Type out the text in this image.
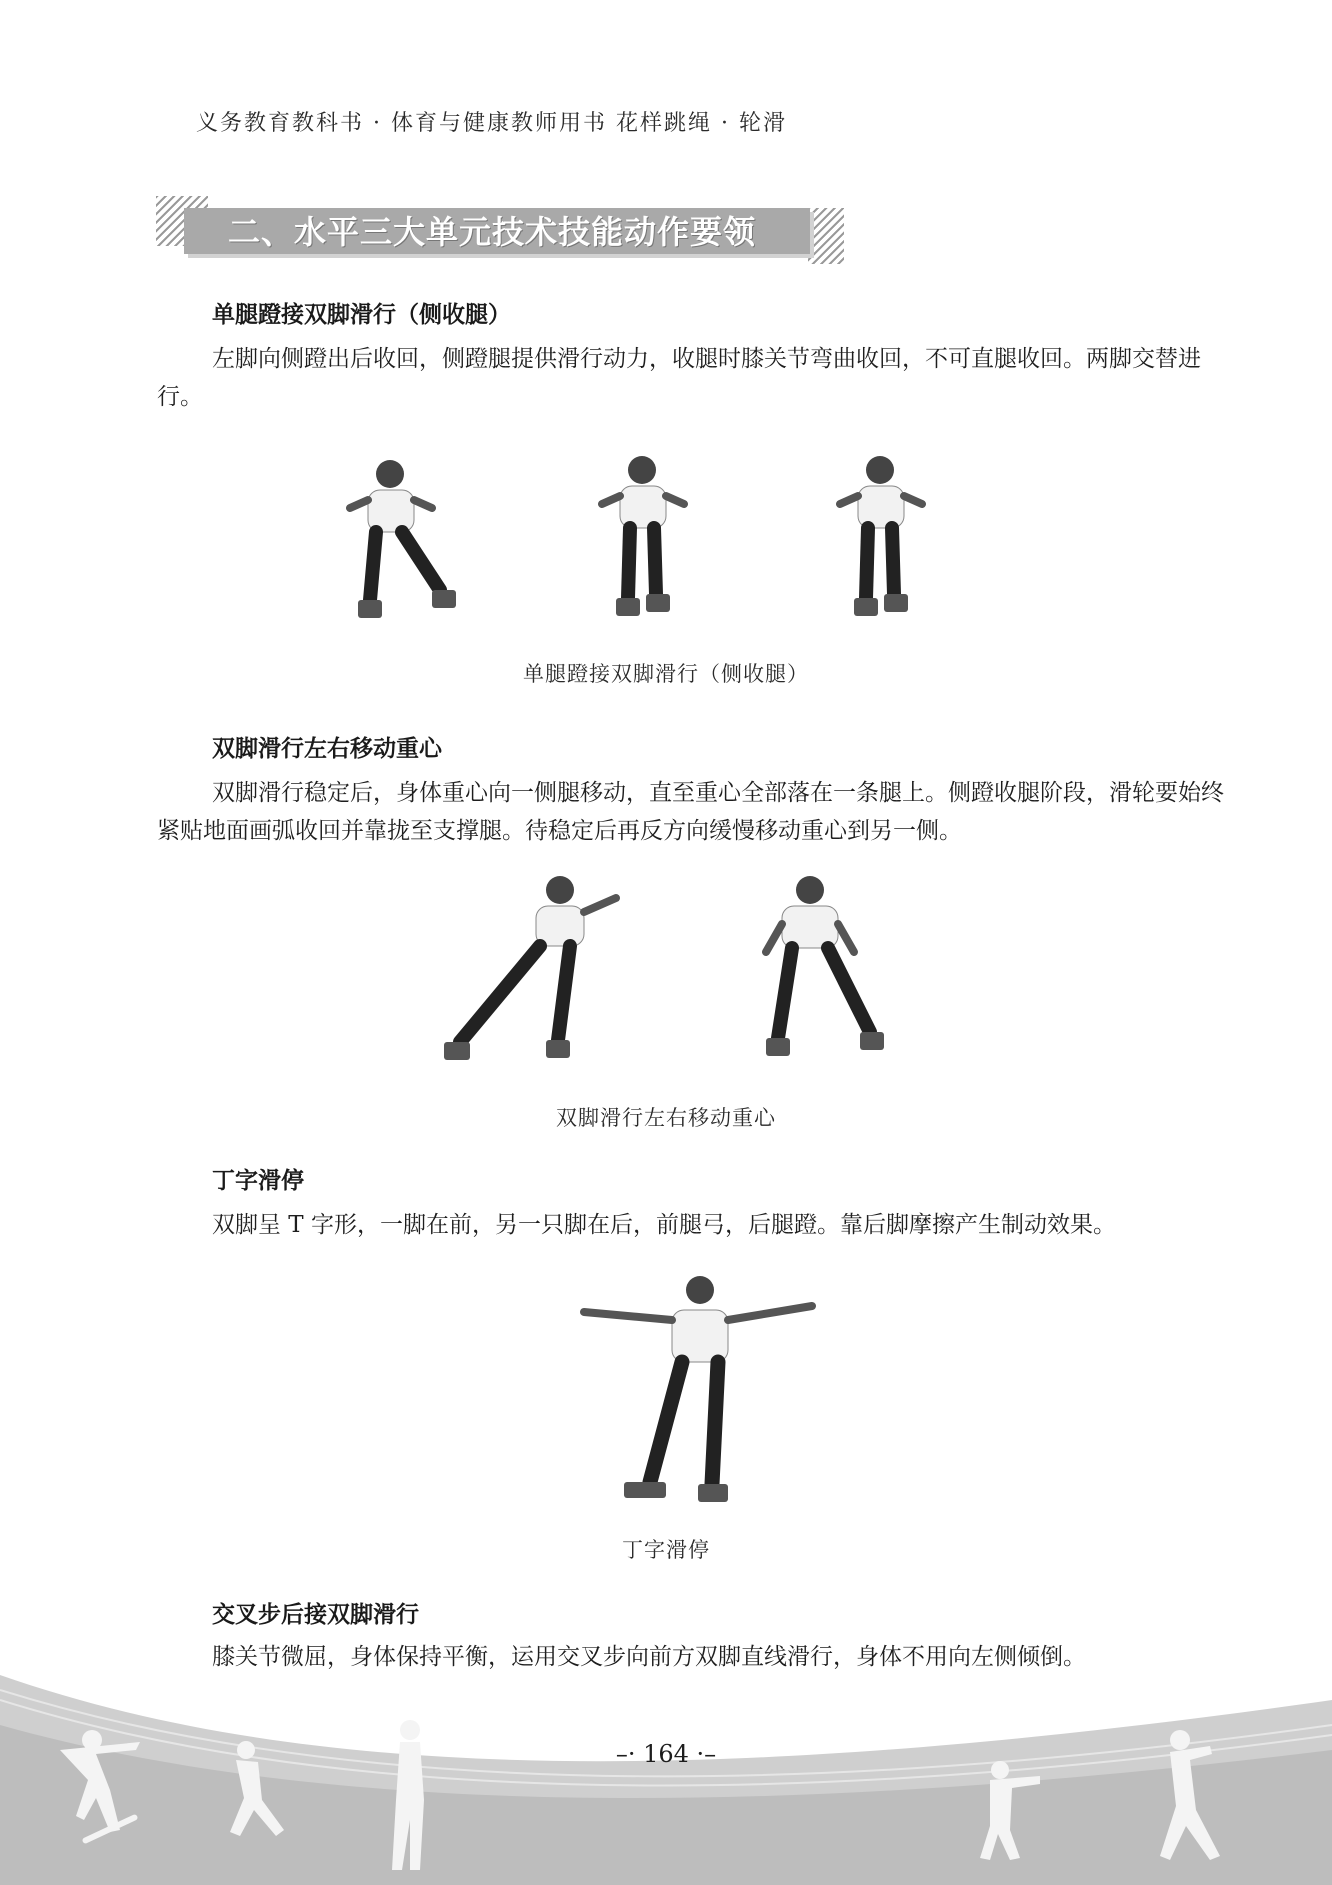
义务教育教科书 · 体育与健康教师用书 花样跳绳 · 轮滑
二、水平三大单元技术技能动作要领
单腿蹬接双脚滑行（侧收腿）
左脚向侧蹬出后收回，侧蹬腿提供滑行动力，收腿时膝关节弯曲收回，不可直腿收回。两脚交替进行。
单腿蹬接双脚滑行（侧收腿）
双脚滑行左右移动重心
双脚滑行稳定后，身体重心向一侧腿移动，直至重心全部落在一条腿上。侧蹬收腿阶段，滑轮要始终紧贴地面画弧收回并靠拢至支撑腿。待稳定后再反方向缓慢移动重心到另一侧。
双脚滑行左右移动重心
丁字滑停
双脚呈 T 字形，一脚在前，另一只脚在后，前腿弓，后腿蹬。靠后脚摩擦产生制动效果。
丁字滑停
交叉步后接双脚滑行
膝关节微屈，身体保持平衡，运用交叉步向前方双脚直线滑行，身体不用向左侧倾倒。
–· 164 ·–
